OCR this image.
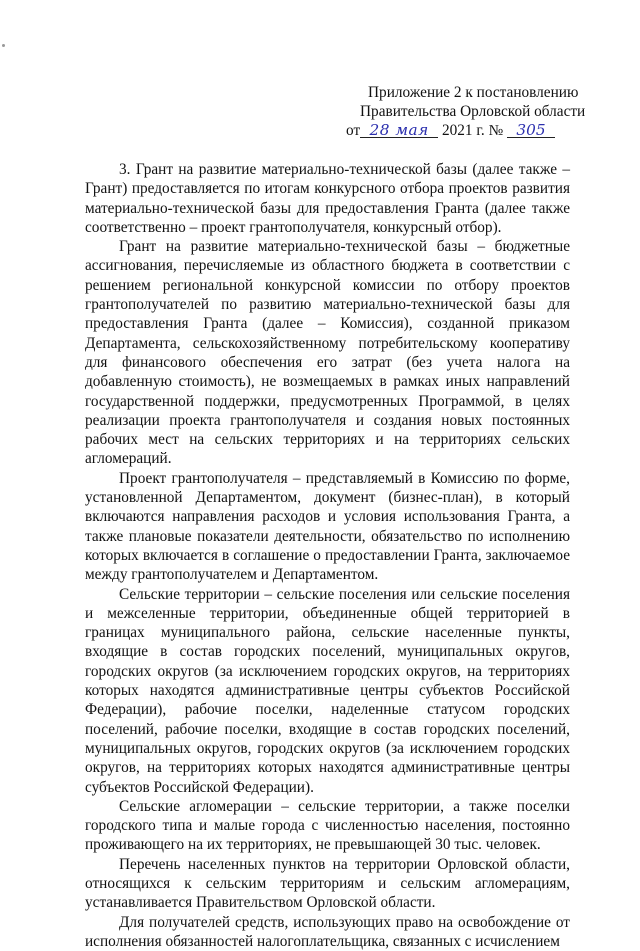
Приложение 2 к постановлению
Правительства Орловской области
от 28 мая 2021 г. № 305

3. Грант на развитие материально-технической базы (далее также – Грант) предоставляется по итогам конкурсного отбора проектов развития материально-технической базы для предоставления Гранта (далее также соответственно – проект грантополучателя, конкурсный отбор).

Грант на развитие материально-технической базы – бюджетные ассигнования, перечисляемые из областного бюджета в соответствии с решением региональной конкурсной комиссии по отбору проектов грантополучателей по развитию материально-технической базы для предоставления Гранта (далее – Комиссия), созданной приказом Департамента, сельскохозяйственному потребительскому кооперативу для финансового обеспечения его затрат (без учета налога на добавленную стоимость), не возмещаемых в рамках иных направлений государственной поддержки, предусмотренных Программой, в целях реализации проекта грантополучателя и создания новых постоянных рабочих мест на сельских территориях и на территориях сельских агломераций.

Проект грантополучателя – представляемый в Комиссию по форме, установленной Департаментом, документ (бизнес-план), в который включаются направления расходов и условия использования Гранта, а также плановые показатели деятельности, обязательство по исполнению которых включается в соглашение о предоставлении Гранта, заключаемое между грантополучателем и Департаментом.

Сельские территории – сельские поселения или сельские поселения и межселенные территории, объединенные общей территорией в границах муниципального района, сельские населенные пункты, входящие в состав городских поселений, муниципальных округов, городских округов (за исключением городских округов, на территориях которых находятся административные центры субъектов Российской Федерации), рабочие поселки, наделенные статусом городских поселений, рабочие поселки, входящие в состав городских поселений, муниципальных округов, городских округов (за исключением городских округов, на территориях которых находятся административные центры субъектов Российской Федерации).

Сельские агломерации – сельские территории, а также поселки городского типа и малые города с численностью населения, постоянно проживающего на их территориях, не превышающей 30 тыс. человек.

Перечень населенных пунктов на территории Орловской области, относящихся к сельским территориям и сельским агломерациям, устанавливается Правительством Орловской области.

Для получателей средств, использующих право на освобождение от исполнения обязанностей налогоплательщика, связанных с исчислением
